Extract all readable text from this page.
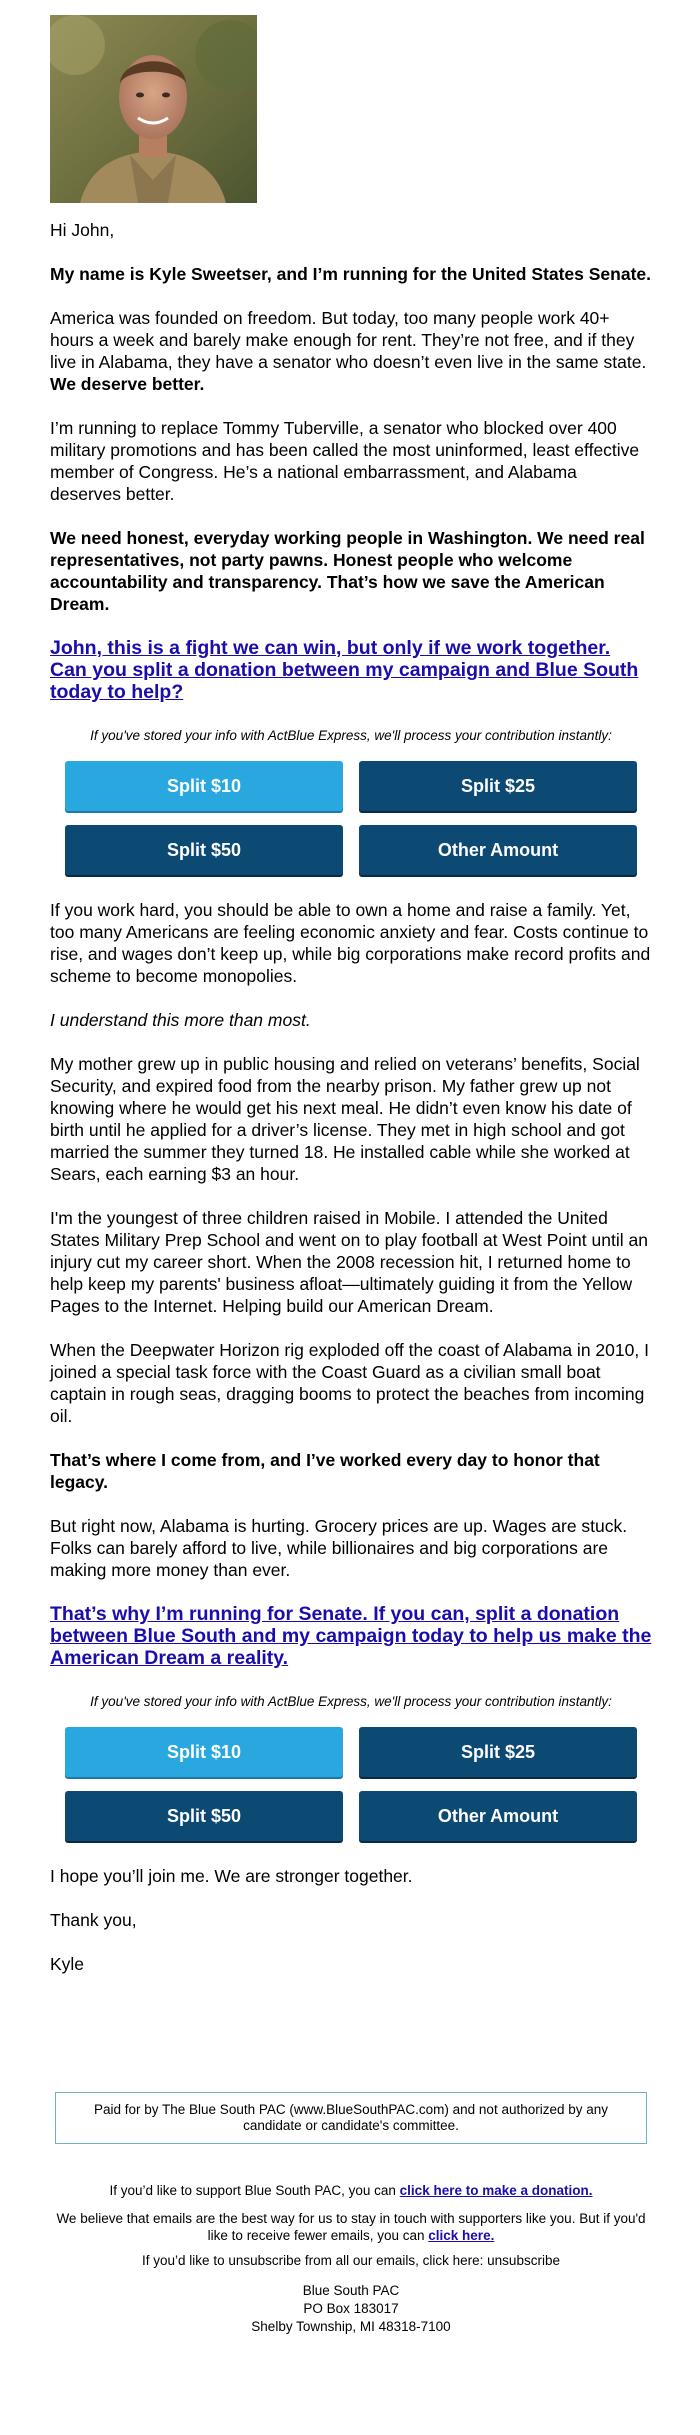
Hi John,

My name is Kyle Sweetser, and I’m running for the United States Senate.

America was founded on freedom. But today, too many people work 40+ hours a week and barely make enough for rent. They’re not free, and if they live in Alabama, they have a senator who doesn’t even live in the same state. We deserve better.

I’m running to replace Tommy Tuberville, a senator who blocked over 400 military promotions and has been called the most uninformed, least effective member of Congress. He’s a national embarrassment, and Alabama deserves better.

We need honest, everyday working people in Washington. We need real representatives, not party pawns. Honest people who welcome accountability and transparency. That’s how we save the American Dream.

John, this is a fight we can win, but only if we work together. Can you split a donation between my campaign and Blue South today to help?
If you've stored your info with ActBlue Express, we'll process your contribution instantly:
Split $10	Split $25
Split $50	Other Amount

If you work hard, you should be able to own a home and raise a family. Yet, too many Americans are feeling economic anxiety and fear. Costs continue to rise, and wages don’t keep up, while big corporations make record profits and scheme to become monopolies.

I understand this more than most.

My mother grew up in public housing and relied on veterans’ benefits, Social Security, and expired food from the nearby prison. My father grew up not knowing where he would get his next meal. He didn’t even know his date of birth until he applied for a driver’s license. They met in high school and got married the summer they turned 18. He installed cable while she worked at Sears, each earning $3 an hour.

I'm the youngest of three children raised in Mobile. I attended the United States Military Prep School and went on to play football at West Point until an injury cut my career short. When the 2008 recession hit, I returned home to help keep my parents' business afloat—ultimately guiding it from the Yellow Pages to the Internet. Helping build our American Dream.

When the Deepwater Horizon rig exploded off the coast of Alabama in 2010, I joined a special task force with the Coast Guard as a civilian small boat captain in rough seas, dragging booms to protect the beaches from incoming oil.

That’s where I come from, and I’ve worked every day to honor that legacy.

But right now, Alabama is hurting. Grocery prices are up. Wages are stuck. Folks can barely afford to live, while billionaires and big corporations are making more money than ever.

That’s why I’m running for Senate. If you can, split a donation between Blue South and my campaign today to help us make the American Dream a reality.
If you've stored your info with ActBlue Express, we'll process your contribution instantly:
Split $10	Split $25
Split $50	Other Amount

I hope you’ll join me. We are stronger together.

Thank you,

Kyle

Paid for by The Blue South PAC (www.BlueSouthPAC.com) and not authorized by any candidate or candidate's committee.
If you’d like to support Blue South PAC, you can click here to make a donation.
We believe that emails are the best way for us to stay in touch with supporters like you. But if you'd like to receive fewer emails, you can click here.
If you’d like to unsubscribe from all our emails, click here: unsubscribe
Blue South PAC
PO Box 183017
Shelby Township, MI 48318-7100
